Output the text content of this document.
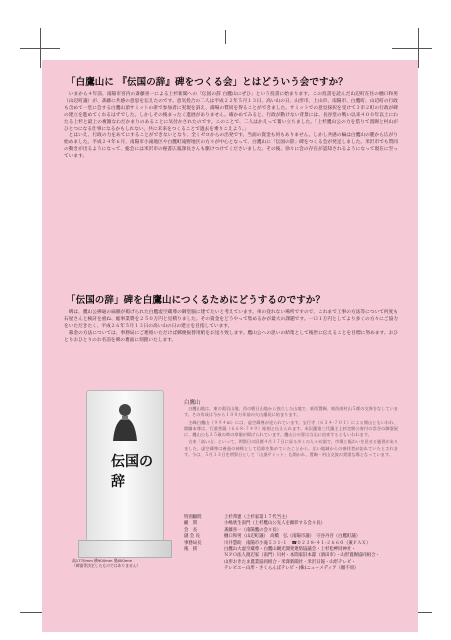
「白鷹山に 『伝国の辞』碑をつくる会」とはどういう会ですか？

いまから４年前、南陽市宮内の斎藤喜一による上杉新聞への「伝国の辞 白鷹山にぜひ」という投書に始まります。この投書を読んだ山辺町在住の樋口和男（山辺町議）が、斎藤に共感の意思を伝えたのです。意気投合の二人は平成２２年５月１３日、高い山の日、山形市、上山市、南陽市、白鷹町、山辺町の行政も含めて一堂に会する白鷹山頂サミットの席で参加者に実現を訴え、満場の賛同を得ることができました。サミットでの意見採択を受けて３市２町の行政が碑の建立を進めてくれるはずでした。しかしその後まったく進展がありません。確かめてみると、行政が動けない背景には、長谷堂の戦い以来４００年以上にわたる上杉と最上の複雑なわだかまりのあることに気付かされたのです。このことで、二人はかえって奮い立ちました。「上杉鷹山公の力を借りて置賜と村山がひとつになる仕事になるかもしれない。共に未来をつくることで過去を乗りこえよう。」

とはいえ、行政の力をあてにすることができないとなり、全くゼロからの出発です。当面の資金も何もありません。しかし共感の輪は白鷹山の麓から広がり始めました。平成２４年６月、南陽市小滝地区や白鷹町滝野地区の方々が中心となって、白鷹山に「伝国の辞」碑をつくる会が発足しました。米沢市でも賛同の動きが出るようになって、総会には米沢市の秘書広報課長さんも駆けつけてくださいました。その後、徐々に会の存在が認知されるようになって現在に至っています。

「伝国の辞」碑を白鷹山につくるためにどうするのですか？

碑は、鷹山公揮毫の扁額が掲げられた白鷹虚空蔵尊の御堂脇に建てたいと考えています。車の登れない場所ですので、これまで工事の方法等について何度も石屋さんと検討を重ね、総事業費を２５０万円と見積りました。その資金をどうやって集めるかが最大の課題です。一口１万円としてより多くの方々にご協力をいただきたく、平成２６年５月１３日の高い山の日の建立を目指しています。

募金の方法については、事務局にご連絡いただけば郵便振替用紙をお送り致します。鷹山公への思いの結集として後世に伝えることを目標に努めます。おひとりおひとりのお名前を碑の裏面に刻銘いたします。

伝国の辞
高1770mm 横900mm 奥600mm
（碑面等決定したものではありません）
白鷹山

白鷹山地は、東の奥羽山地、西の朝日山地から独立した山地で、東西置賜、東西南村山５郡の交界をなしています。その形成は今から１００万年前の火山爆発に始まります。

主峰白鷹山（９９４ｍ）には、虚空蔵尊が祀られています。宝行寺（６３４-７０１）による開山ともいわれ、開闢本尊は、行基菩薩（６６８-７４９）彫刻と伝えられます。米沢藩第三代藩主上杉定勝公寄付の雲谷の御霊屋に、鷹山公も２５歳の時の奉額が掲げられています。鷹山公の誓は当山に由来するともいわれます。

古来「高い山」といって、例祭日の旧暦４月１７日に昇る多くの人々が詣で、市場と賑わいを見せる風習がありました。虚空蔵尊は養蚕の神様として信仰を集めていたことから、広い地域からの参拝者が訪れていたとされます。今は、５月１３日を例祭日として「山頂サミット」も開かれ、置賜・村山交流の貴重な場となっています。

特別顧問	上杉邦憲（上杉家第１７代当主）
顧　問	小嶋欣生南門（上杉鷹山公先人を顕彰する会々長）
会　長	斎藤喜一（南陽鷹の会々長）
副 会 長	樋口和男（山辺町議）　高橋　弘（南陽市議）　守谷丹吾（白鷹町議）
事務局長	川井慧助　南陽市小滝５３１-１　☎０２３８-４１-２６６０（兼ＦＡＸ）
後　援	白鷹山大虚空蔵尊・白鷹山観光開発連絡協議会・上杉松岬同神社・
ＮＰＯ法人渡辺家（南門）川村・本間家旧本邸（酒田市）・山形置賜協同組合・
山形おきたま農業協同組合・米澤新聞社・米沢日報・山形テレビ・
テレビユー山形・さくらんぼテレビ・(株)ニューメディア（順不同）
